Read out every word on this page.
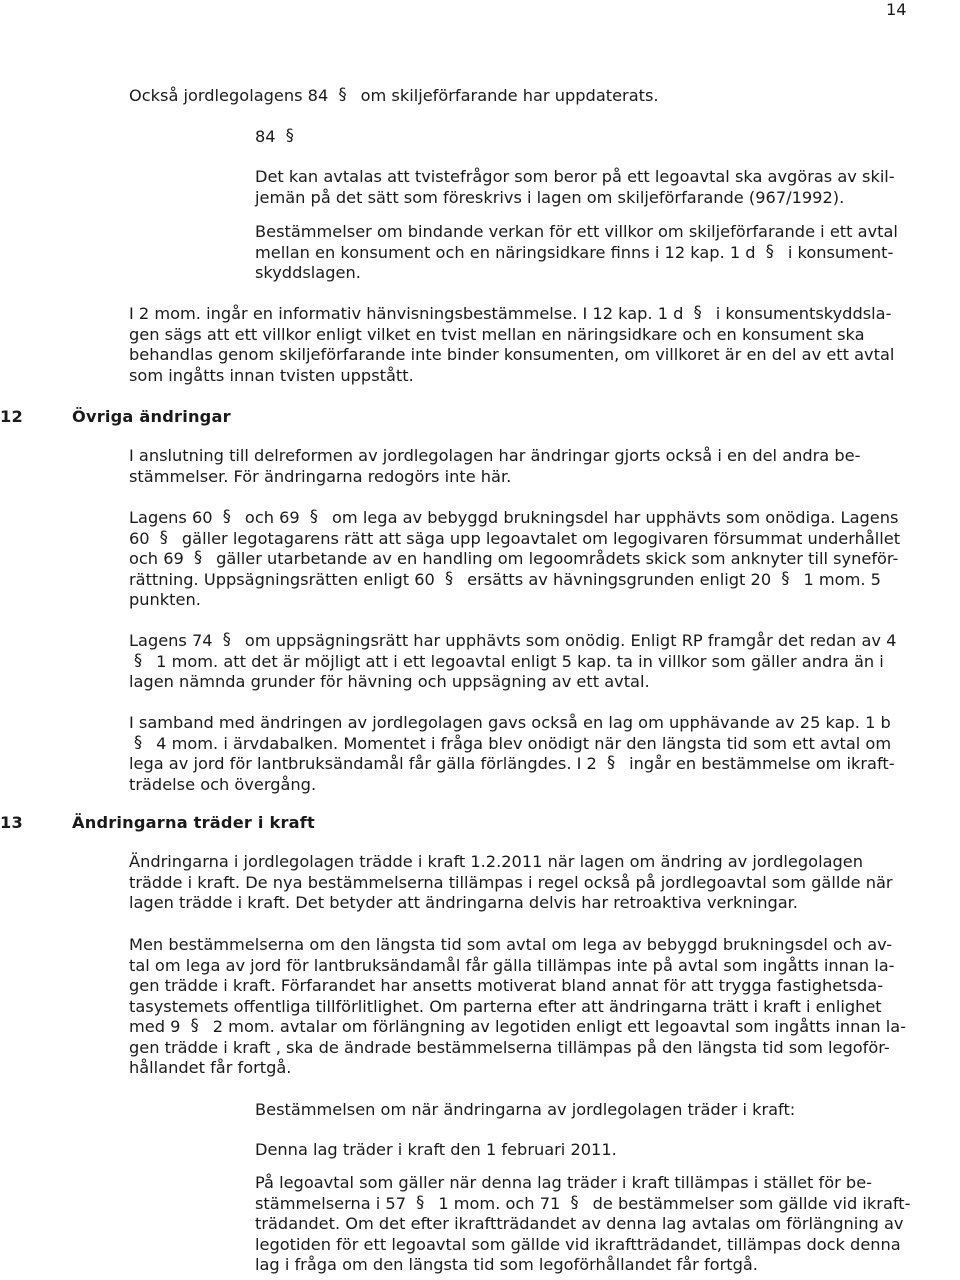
14

Också jordlegolagens 84 § om skiljeförfarande har uppdaterats.

84 §

Det kan avtalas att tvistefrågor som beror på ett legoavtal ska avgöras av skil-
jemän på det sätt som föreskrivs i lagen om skiljeförfarande (967/1992).

Bestämmelser om bindande verkan för ett villkor om skiljeförfarande i ett avtal
mellan en konsument och en näringsidkare finns i 12 kap. 1 d § i konsument-
skyddslagen.

I 2 mom. ingår en informativ hänvisningsbestämmelse. I 12 kap. 1 d § i konsumentskyddsla-
gen sägs att ett villkor enligt vilket en tvist mellan en näringsidkare och en konsument ska
behandlas genom skiljeförfarande inte binder konsumenten, om villkoret är en del av ett avtal
som ingåtts innan tvisten uppstått.

12	Övriga ändringar

I anslutning till delreformen av jordlegolagen har ändringar gjorts också i en del andra be-
stämmelser. För ändringarna redogörs inte här.

Lagens 60 § och 69 § om lega av bebyggd brukningsdel har upphävts som onödiga. Lagens
60 § gäller legotagarens rätt att säga upp legoavtalet om legogivaren försummat underhållet
och 69 § gäller utarbetande av en handling om legoområdets skick som anknyter till syneför-
rättning. Uppsägningsrätten enligt 60 § ersätts av hävningsgrunden enligt 20 § 1 mom. 5
punkten.

Lagens 74 § om uppsägningsrätt har upphävts som onödig. Enligt RP framgår det redan av 4
§ 1 mom. att det är möjligt att i ett legoavtal enligt 5 kap. ta in villkor som gäller andra än i
lagen nämnda grunder för hävning och uppsägning av ett avtal.

I samband med ändringen av jordlegolagen gavs också en lag om upphävande av 25 kap. 1 b
§ 4 mom. i ärvdabalken. Momentet i fråga blev onödigt när den längsta tid som ett avtal om
lega av jord för lantbruksändamål får gälla förlängdes. I 2 § ingår en bestämmelse om ikraft-
trädelse och övergång.

13	Ändringarna träder i kraft

Ändringarna i jordlegolagen trädde i kraft 1.2.2011 när lagen om ändring av jordlegolagen
trädde i kraft. De nya bestämmelserna tillämpas i regel också på jordlegoavtal som gällde när
lagen trädde i kraft. Det betyder att ändringarna delvis har retroaktiva verkningar.

Men bestämmelserna om den längsta tid som avtal om lega av bebyggd brukningsdel och av-
tal om lega av jord för lantbruksändamål får gälla tillämpas inte på avtal som ingåtts innan la-
gen trädde i kraft. Förfarandet har ansetts motiverat bland annat för att trygga fastighetsda-
tasystemets offentliga tillförlitlighet. Om parterna efter att ändringarna trätt i kraft i enlighet
med 9 § 2 mom. avtalar om förlängning av legotiden enligt ett legoavtal som ingåtts innan la-
gen trädde i kraft , ska de ändrade bestämmelserna tillämpas på den längsta tid som legoför-
hållandet får fortgå.

Bestämmelsen om när ändringarna av jordlegolagen träder i kraft:

Denna lag träder i kraft den 1 februari 2011.

På legoavtal som gäller när denna lag träder i kraft tillämpas i stället för be-
stämmelserna i 57 § 1 mom. och 71 § de bestämmelser som gällde vid ikraft-
trädandet. Om det efter ikraftträdandet av denna lag avtalas om förlängning av
legotiden för ett legoavtal som gällde vid ikraftträdandet, tillämpas dock denna
lag i fråga om den längsta tid som legoförhållandet får fortgå.
